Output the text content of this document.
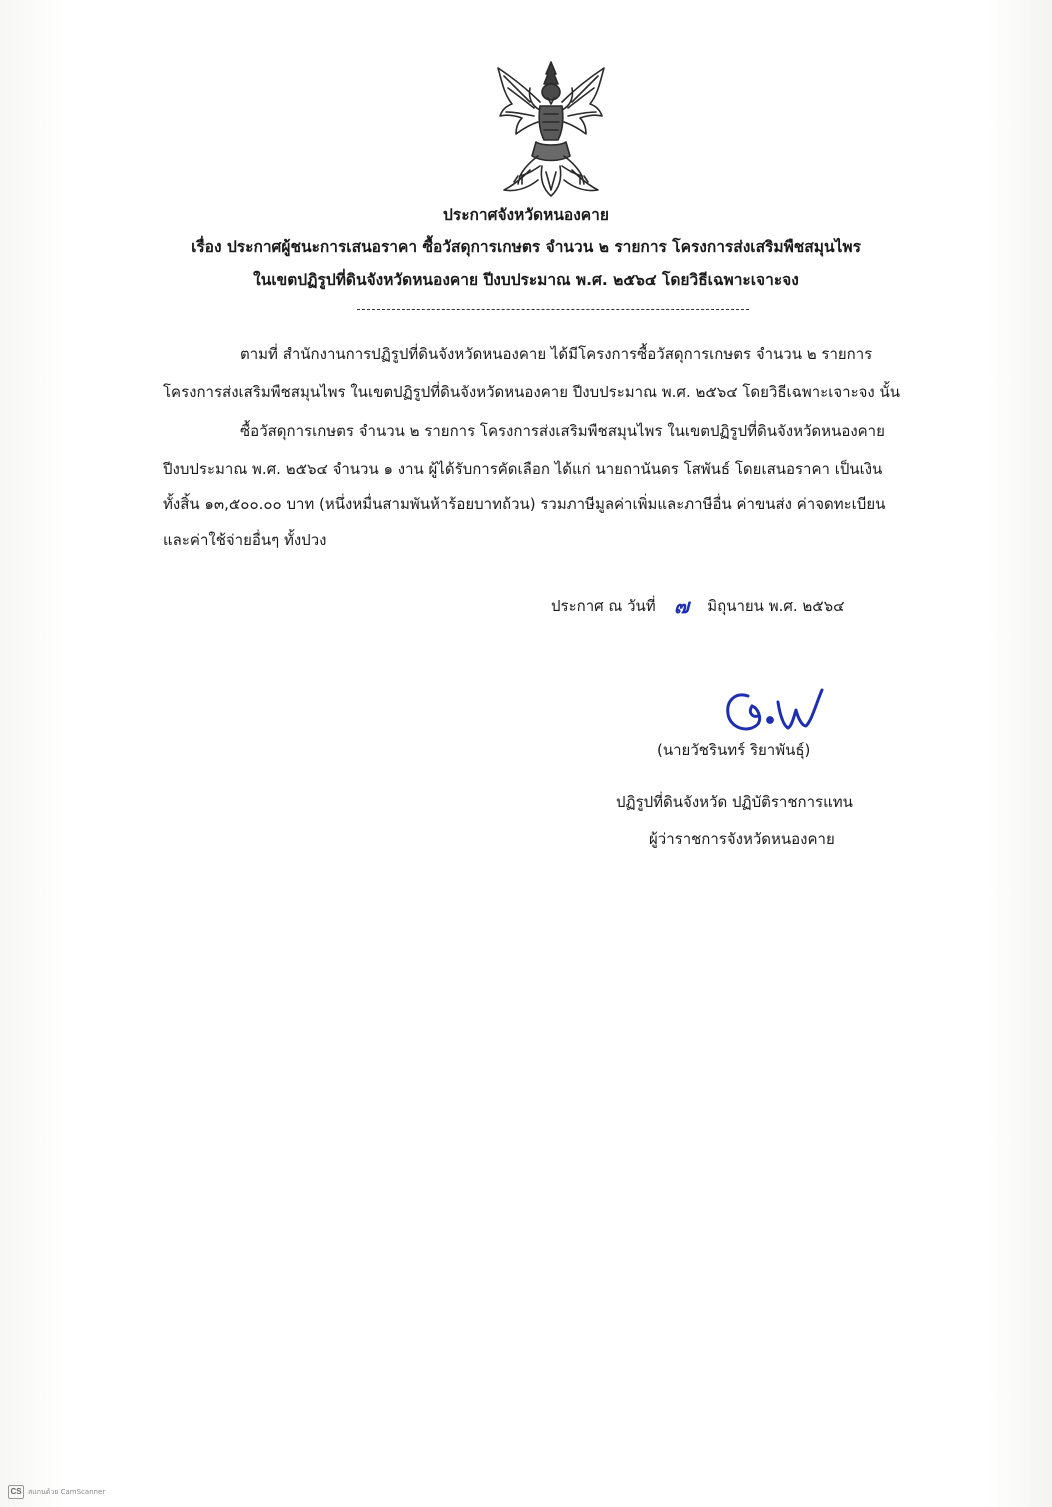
ประกาศจังหวัดหนองคาย
เรื่อง ประกาศผู้ชนะการเสนอราคา ซื้อวัสดุการเกษตร จำนวน ๒ รายการ โครงการส่งเสริมพืชสมุนไพร
ในเขตปฏิรูปที่ดินจังหวัดหนองคาย ปีงบประมาณ พ.ศ. ๒๕๖๔ โดยวิธีเฉพาะเจาะจง
ตามที่ สำนักงานการปฏิรูปที่ดินจังหวัดหนองคาย ได้มีโครงการซื้อวัสดุการเกษตร จำนวน ๒ รายการ
โครงการส่งเสริมพืชสมุนไพร ในเขตปฏิรูปที่ดินจังหวัดหนองคาย ปีงบประมาณ พ.ศ. ๒๕๖๔ โดยวิธีเฉพาะเจาะจง นั้น
ซื้อวัสดุการเกษตร จำนวน ๒ รายการ โครงการส่งเสริมพืชสมุนไพร ในเขตปฏิรูปที่ดินจังหวัดหนองคาย
ปีงบประมาณ พ.ศ. ๒๕๖๔ จำนวน ๑ งาน ผู้ได้รับการคัดเลือก ได้แก่ นายถานันดร โสพันธ์ โดยเสนอราคา เป็นเงิน
ทั้งสิ้น ๑๓,๕๐๐.๐๐ บาท (หนึ่งหมื่นสามพันห้าร้อยบาทถ้วน) รวมภาษีมูลค่าเพิ่มและภาษีอื่น ค่าขนส่ง ค่าจดทะเบียน
และค่าใช้จ่ายอื่นๆ ทั้งปวง
ประกาศ ณ วันที่ ๗ มิถุนายน พ.ศ. ๒๕๖๔
(นายวัชรินทร์ ริยาพันธุ์)
ปฏิรูปที่ดินจังหวัด ปฏิบัติราชการแทน
ผู้ว่าราชการจังหวัดหนองคาย
CS สแกนด้วย CamScanner
